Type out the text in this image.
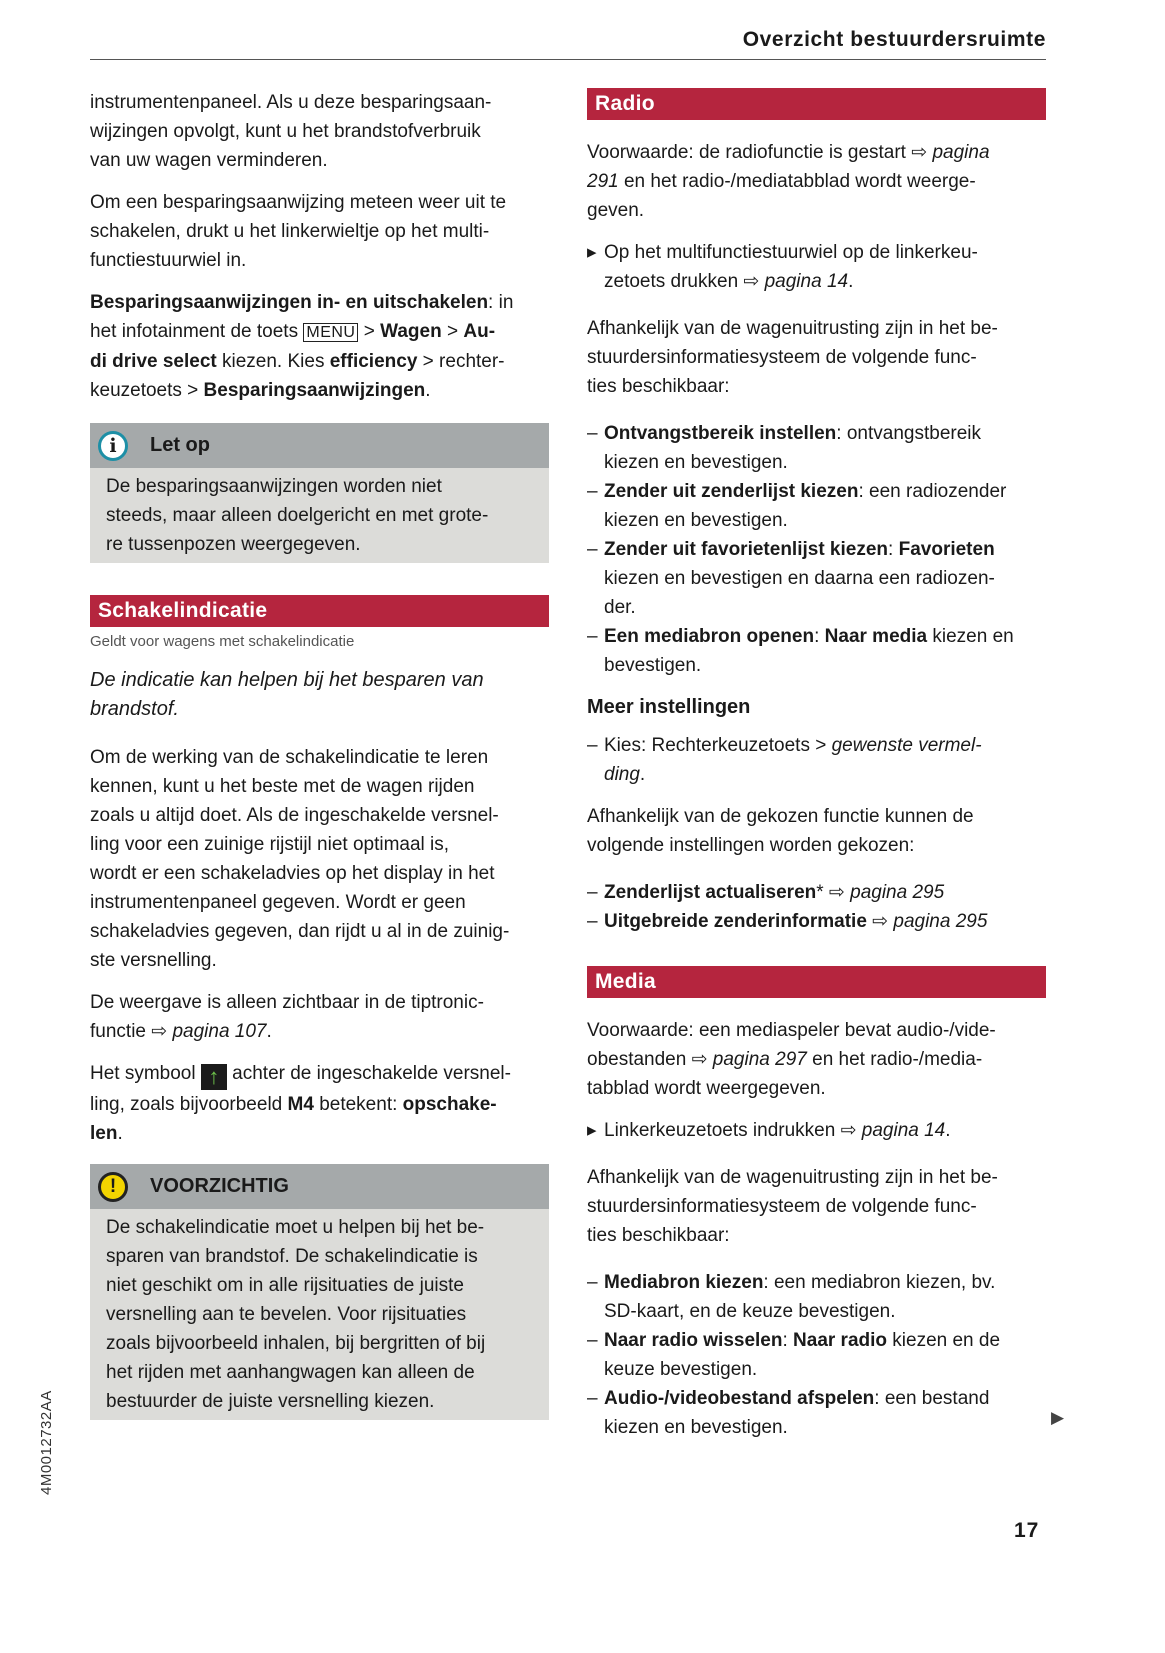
Overzicht bestuurdersruimte
instrumentenpaneel. Als u deze besparingsaan-
wijzingen opvolgt, kunt u het brandstofverbruik
van uw wagen verminderen.
Om een besparingsaanwijzing meteen weer uit te
schakelen, drukt u het linkerwieltje op het multi-
functiestuurwiel in.
Besparingsaanwijzingen in- en uitschakelen: in
het infotainment de toets MENU > Wagen > Au-
di drive select kiezen. Kies efficiency > rechter-
keuzetoets > Besparingsaanwijzingen.
i	Let op
De besparingsaanwijzingen worden niet
steeds, maar alleen doelgericht en met grote-
re tussenpozen weergegeven.
Schakelindicatie
Geldt voor wagens met schakelindicatie
De indicatie kan helpen bij het besparen van
brandstof.
Om de werking van de schakelindicatie te leren
kennen, kunt u het beste met de wagen rijden
zoals u altijd doet. Als de ingeschakelde versnel-
ling voor een zuinige rijstijl niet optimaal is,
wordt er een schakeladvies op het display in het
instrumentenpaneel gegeven. Wordt er geen
schakeladvies gegeven, dan rijdt u al in de zuinig-
ste versnelling.
De weergave is alleen zichtbaar in de tiptronic-
functie ⇨ pagina 107.
Het symbool ↑ achter de ingeschakelde versnel-
ling, zoals bijvoorbeeld M4 betekent: opschake-
len.
!	VOORZICHTIG
De schakelindicatie moet u helpen bij het be-
sparen van brandstof. De schakelindicatie is
niet geschikt om in alle rijsituaties de juiste
versnelling aan te bevelen. Voor rijsituaties
zoals bijvoorbeeld inhalen, bij bergritten of bij
het rijden met aanhangwagen kan alleen de
bestuurder de juiste versnelling kiezen.
Radio
Voorwaarde: de radiofunctie is gestart ⇨ pagina
291 en het radio-/mediatabblad wordt weerge-
geven.
▸ Op het multifunctiestuurwiel op de linkerkeu-
zetoets drukken ⇨ pagina 14.
Afhankelijk van de wagenuitrusting zijn in het be-
stuurdersinformatiesysteem de volgende func-
ties beschikbaar:
– Ontvangstbereik instellen: ontvangstbereik
kiezen en bevestigen.
– Zender uit zenderlijst kiezen: een radiozender
kiezen en bevestigen.
– Zender uit favorietenlijst kiezen: Favorieten
kiezen en bevestigen en daarna een radiozen-
der.
– Een mediabron openen: Naar media kiezen en
bevestigen.
Meer instellingen
– Kies: Rechterkeuzetoets > gewenste vermel-
ding.
Afhankelijk van de gekozen functie kunnen de
volgende instellingen worden gekozen:
– Zenderlijst actualiseren* ⇨ pagina 295
– Uitgebreide zenderinformatie ⇨ pagina 295
Media
Voorwaarde: een mediaspeler bevat audio-/vide-
obestanden ⇨ pagina 297 en het radio-/media-
tabblad wordt weergegeven.
▸ Linkerkeuzetoets indrukken ⇨ pagina 14.
Afhankelijk van de wagenuitrusting zijn in het be-
stuurdersinformatiesysteem de volgende func-
ties beschikbaar:
– Mediabron kiezen: een mediabron kiezen, bv.
SD-kaart, en de keuze bevestigen.
– Naar radio wisselen: Naar radio kiezen en de
keuze bevestigen.
– Audio-/videobestand afspelen: een bestand
kiezen en bevestigen.
4M0012732AA	▶
17
